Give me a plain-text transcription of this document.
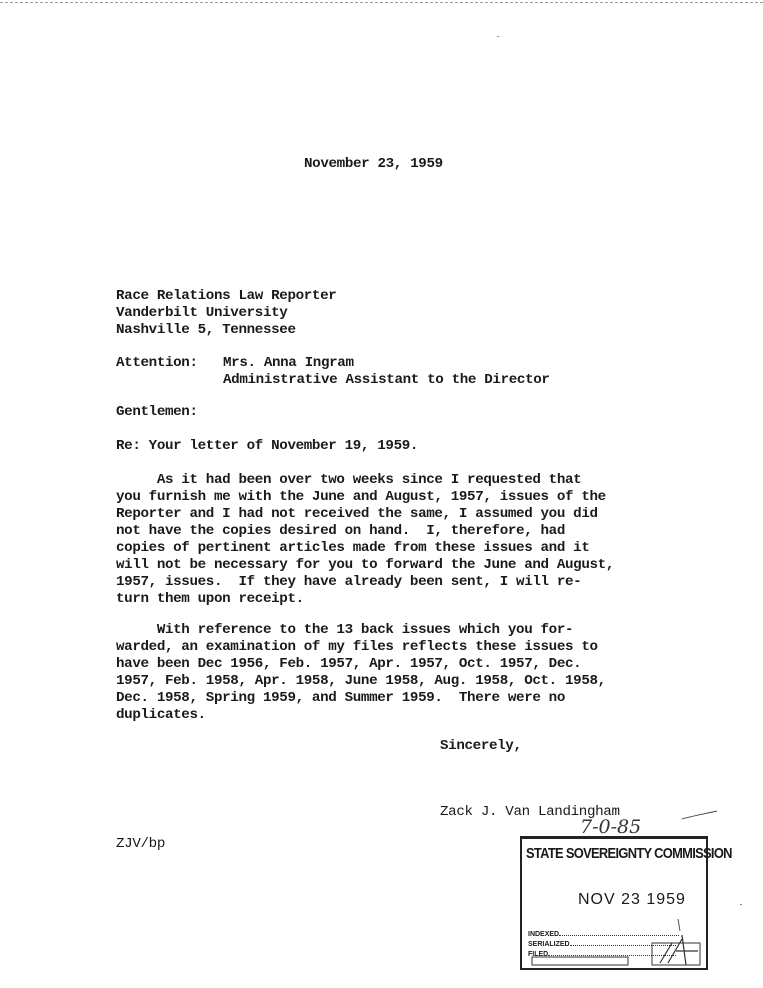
November 23, 1959
Race Relations Law Reporter
Vanderbilt University
Nashville 5, Tennessee
Attention: Mrs. Anna Ingram
Administrative Assistant to the Director
Gentlemen:
Re: Your letter of November 19, 1959.
As it had been over two weeks since I requested that
you furnish me with the June and August, 1957, issues of the
Reporter and I had not received the same, I assumed you did
not have the copies desired on hand.  I, therefore, had
copies of pertinent articles made from these issues and it
will not be necessary for you to forward the June and August,
1957, issues.  If they have already been sent, I will re-
turn them upon receipt.
With reference to the 13 back issues which you for-
warded, an examination of my files reflects these issues to
have been Dec 1956, Feb. 1957, Apr. 1957, Oct. 1957, Dec.
1957, Feb. 1958, Apr. 1958, June 1958, Aug. 1958, Oct. 1958,
Dec. 1958, Spring 1959, and Summer 1959.  There were no
duplicates.
Sincerely,
Zack J. Van Landingham
7-0-85
ZJV/bp
STATE SOVEREIGNTY COMMISSION
NOV 23 1959
INDEXED
SERIALIZED
FILED
